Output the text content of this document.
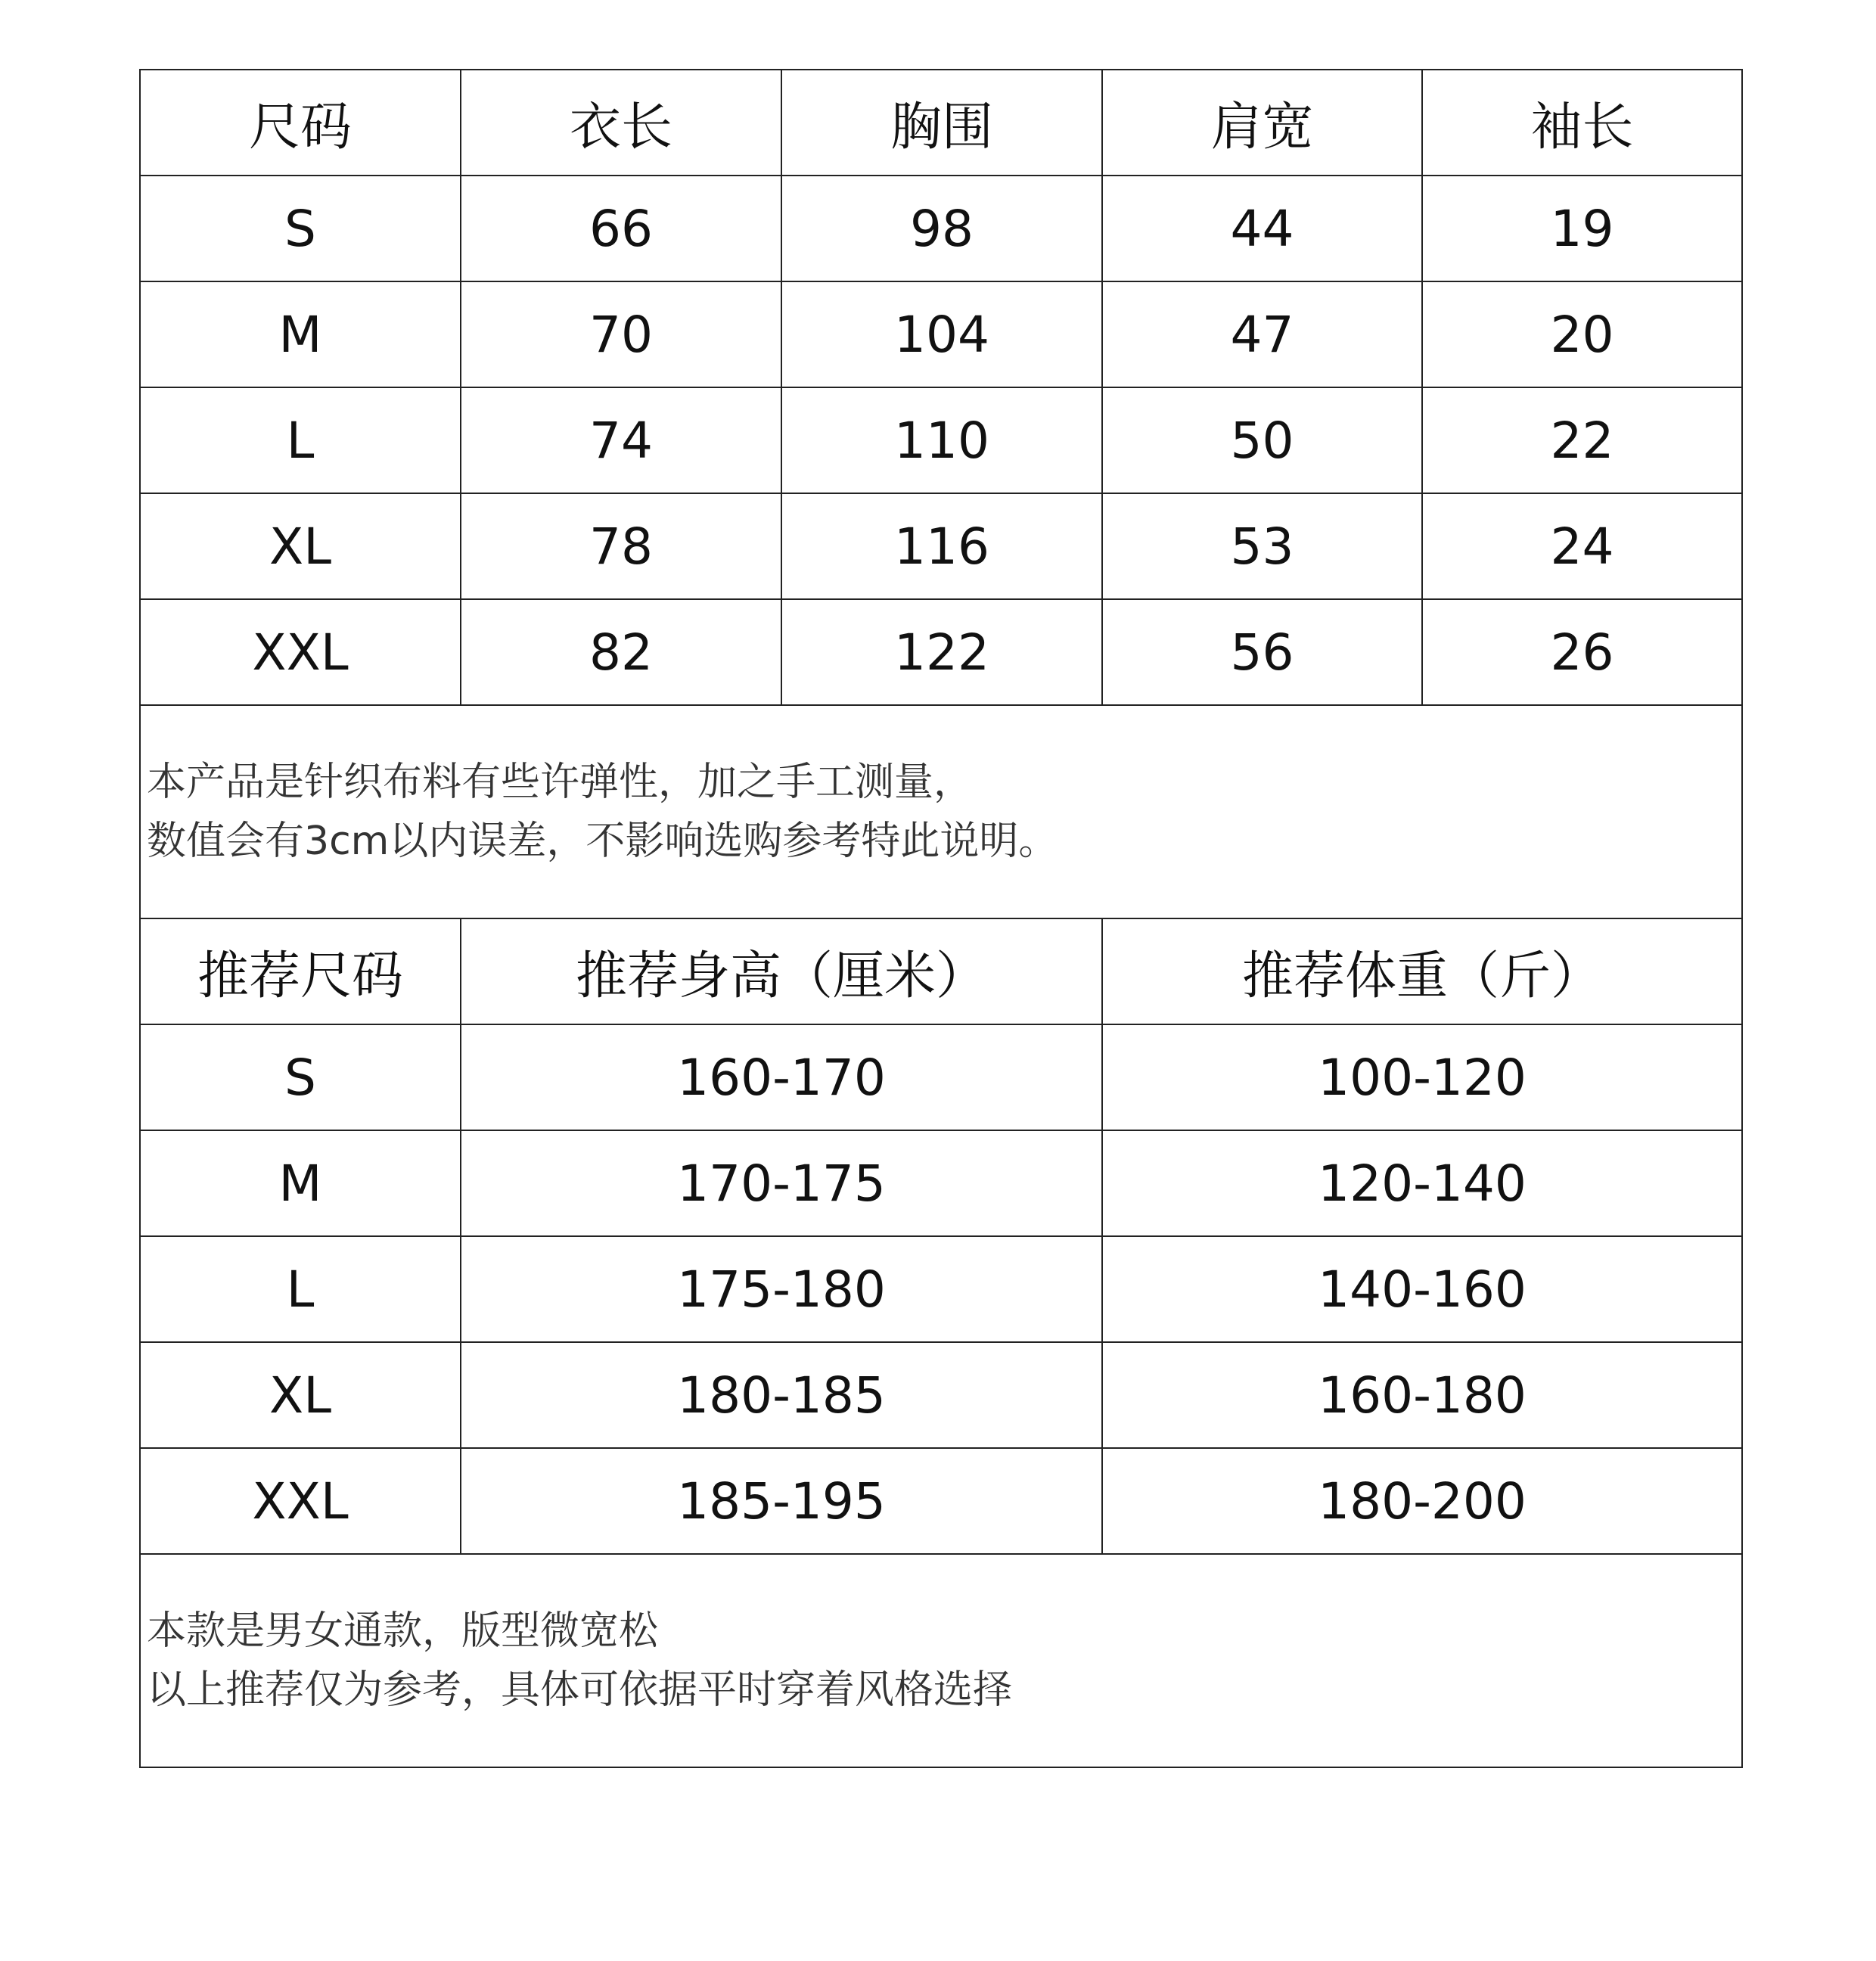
尺码	衣长	胸围	肩宽	袖长
S	66	98	44	19
M	70	104	47	20
L	74	110	50	22
XL	78	116	53	24
XXL	82	122	56	26

本产品是针织布料有些许弹性，加之手工测量，
数值会有3cm以内误差，不影响选购参考特此说明。				

推荐尺码	推荐身高（厘米）		推荐体重（斤）	
S	160-170		100-120	
M	170-175		120-140	
L	175-180		140-160	
XL	180-185		160-180	
XXL	185-195		180-200	

本款是男女通款，版型微宽松
以上推荐仅为参考，具体可依据平时穿着风格选择				
